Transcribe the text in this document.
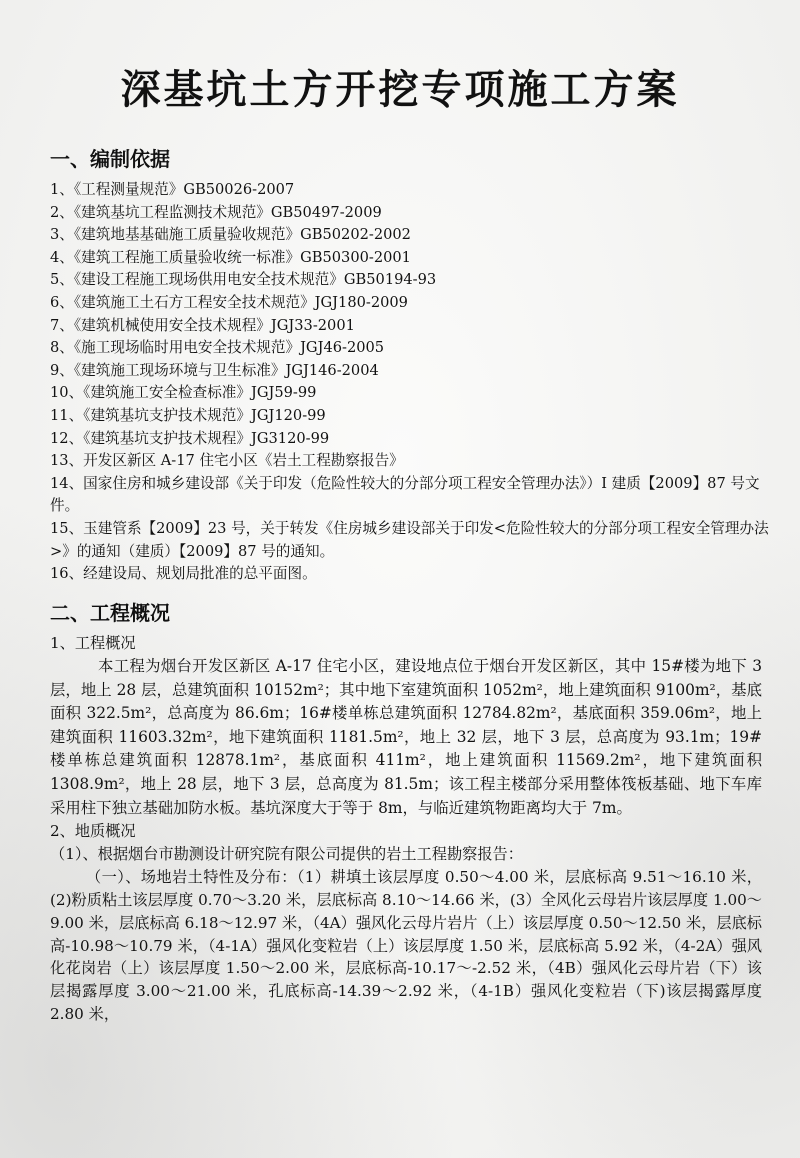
深基坑土方开挖专项施工方案
一、编制依据
1、《工程测量规范》GB50026-2007
2、《建筑基坑工程监测技术规范》GB50497-2009
3、《建筑地基基础施工质量验收规范》GB50202-2002
4、《建筑工程施工质量验收统一标准》GB50300-2001
5、《建设工程施工现场供用电安全技术规范》GB50194-93
6、《建筑施工土石方工程安全技术规范》JGJ180-2009
7、《建筑机械使用安全技术规程》JGJ33-2001
8、《施工现场临时用电安全技术规范》JGJ46-2005
9、《建筑施工现场环境与卫生标准》JGJ146-2004
10、《建筑施工安全检查标准》JGJ59-99
11、《建筑基坑支护技术规范》JGJ120-99
12、《建筑基坑支护技术规程》JG3120-99
13、开发区新区 A-17 住宅小区《岩土工程勘察报告》
14、国家住房和城乡建设部《关于印发（危险性较大的分部分项工程安全管理办法》）I 建质【2009】87 号文件。
15、玉建管系【2009】23 号，关于转发《住房城乡建设部关于印发<危险性较大的分部分项工程安全管理办法>》的通知（建质）【2009】87 号的通知。
16、经建设局、规划局批准的总平面图。
二、工程概况
1、工程概况
本工程为烟台开发区新区 A-17 住宅小区，建设地点位于烟台开发区新区，其中 15#楼为地下 3 层，地上 28 层，总建筑面积 10152m²；其中地下室建筑面积 1052m²，地上建筑面积 9100m²，基底面积 322.5m²，总高度为 86.6m；16#楼单栋总建筑面积 12784.82m²，基底面积 359.06m²，地上建筑面积 11603.32m²，地下建筑面积 1181.5m²，地上 32 层，地下 3 层，总高度为 93.1m；19#楼单栋总建筑面积 12878.1m²，基底面积 411m²，地上建筑面积 11569.2m²，地下建筑面积 1308.9m²，地上 28 层，地下 3 层，总高度为 81.5m；该工程主楼部分采用整体筏板基础、地下车库采用柱下独立基础加防水板。基坑深度大于等于 8m，与临近建筑物距离均大于 7m。
2、地质概况
（1）、根据烟台市勘测设计研究院有限公司提供的岩土工程勘察报告：
（一）、场地岩土特性及分布：（1）耕填土该层厚度 0.50～4.00 米，层底标高 9.51～16.10 米，(2)粉质粘土该层厚度 0.70～3.20 米，层底标高 8.10～14.66 米，(3）全风化云母岩片该层厚度 1.00～9.00 米，层底标高 6.18～12.97 米，（4A）强风化云母片岩片（上）该层厚度 0.50～12.50 米，层底标高-10.98～10.79 米，（4-1A）强风化变粒岩（上）该层厚度 1.50 米，层底标高 5.92 米，（4-2A）强风化花岗岩（上）该层厚度 1.50～2.00 米，层底标高-10.17～-2.52 米，（4B）强风化云母片岩（下）该层揭露厚度 3.00～21.00 米，孔底标高-14.39～2.92 米，（4-1B）强风化变粒岩（下)该层揭露厚度 2.80 米，
